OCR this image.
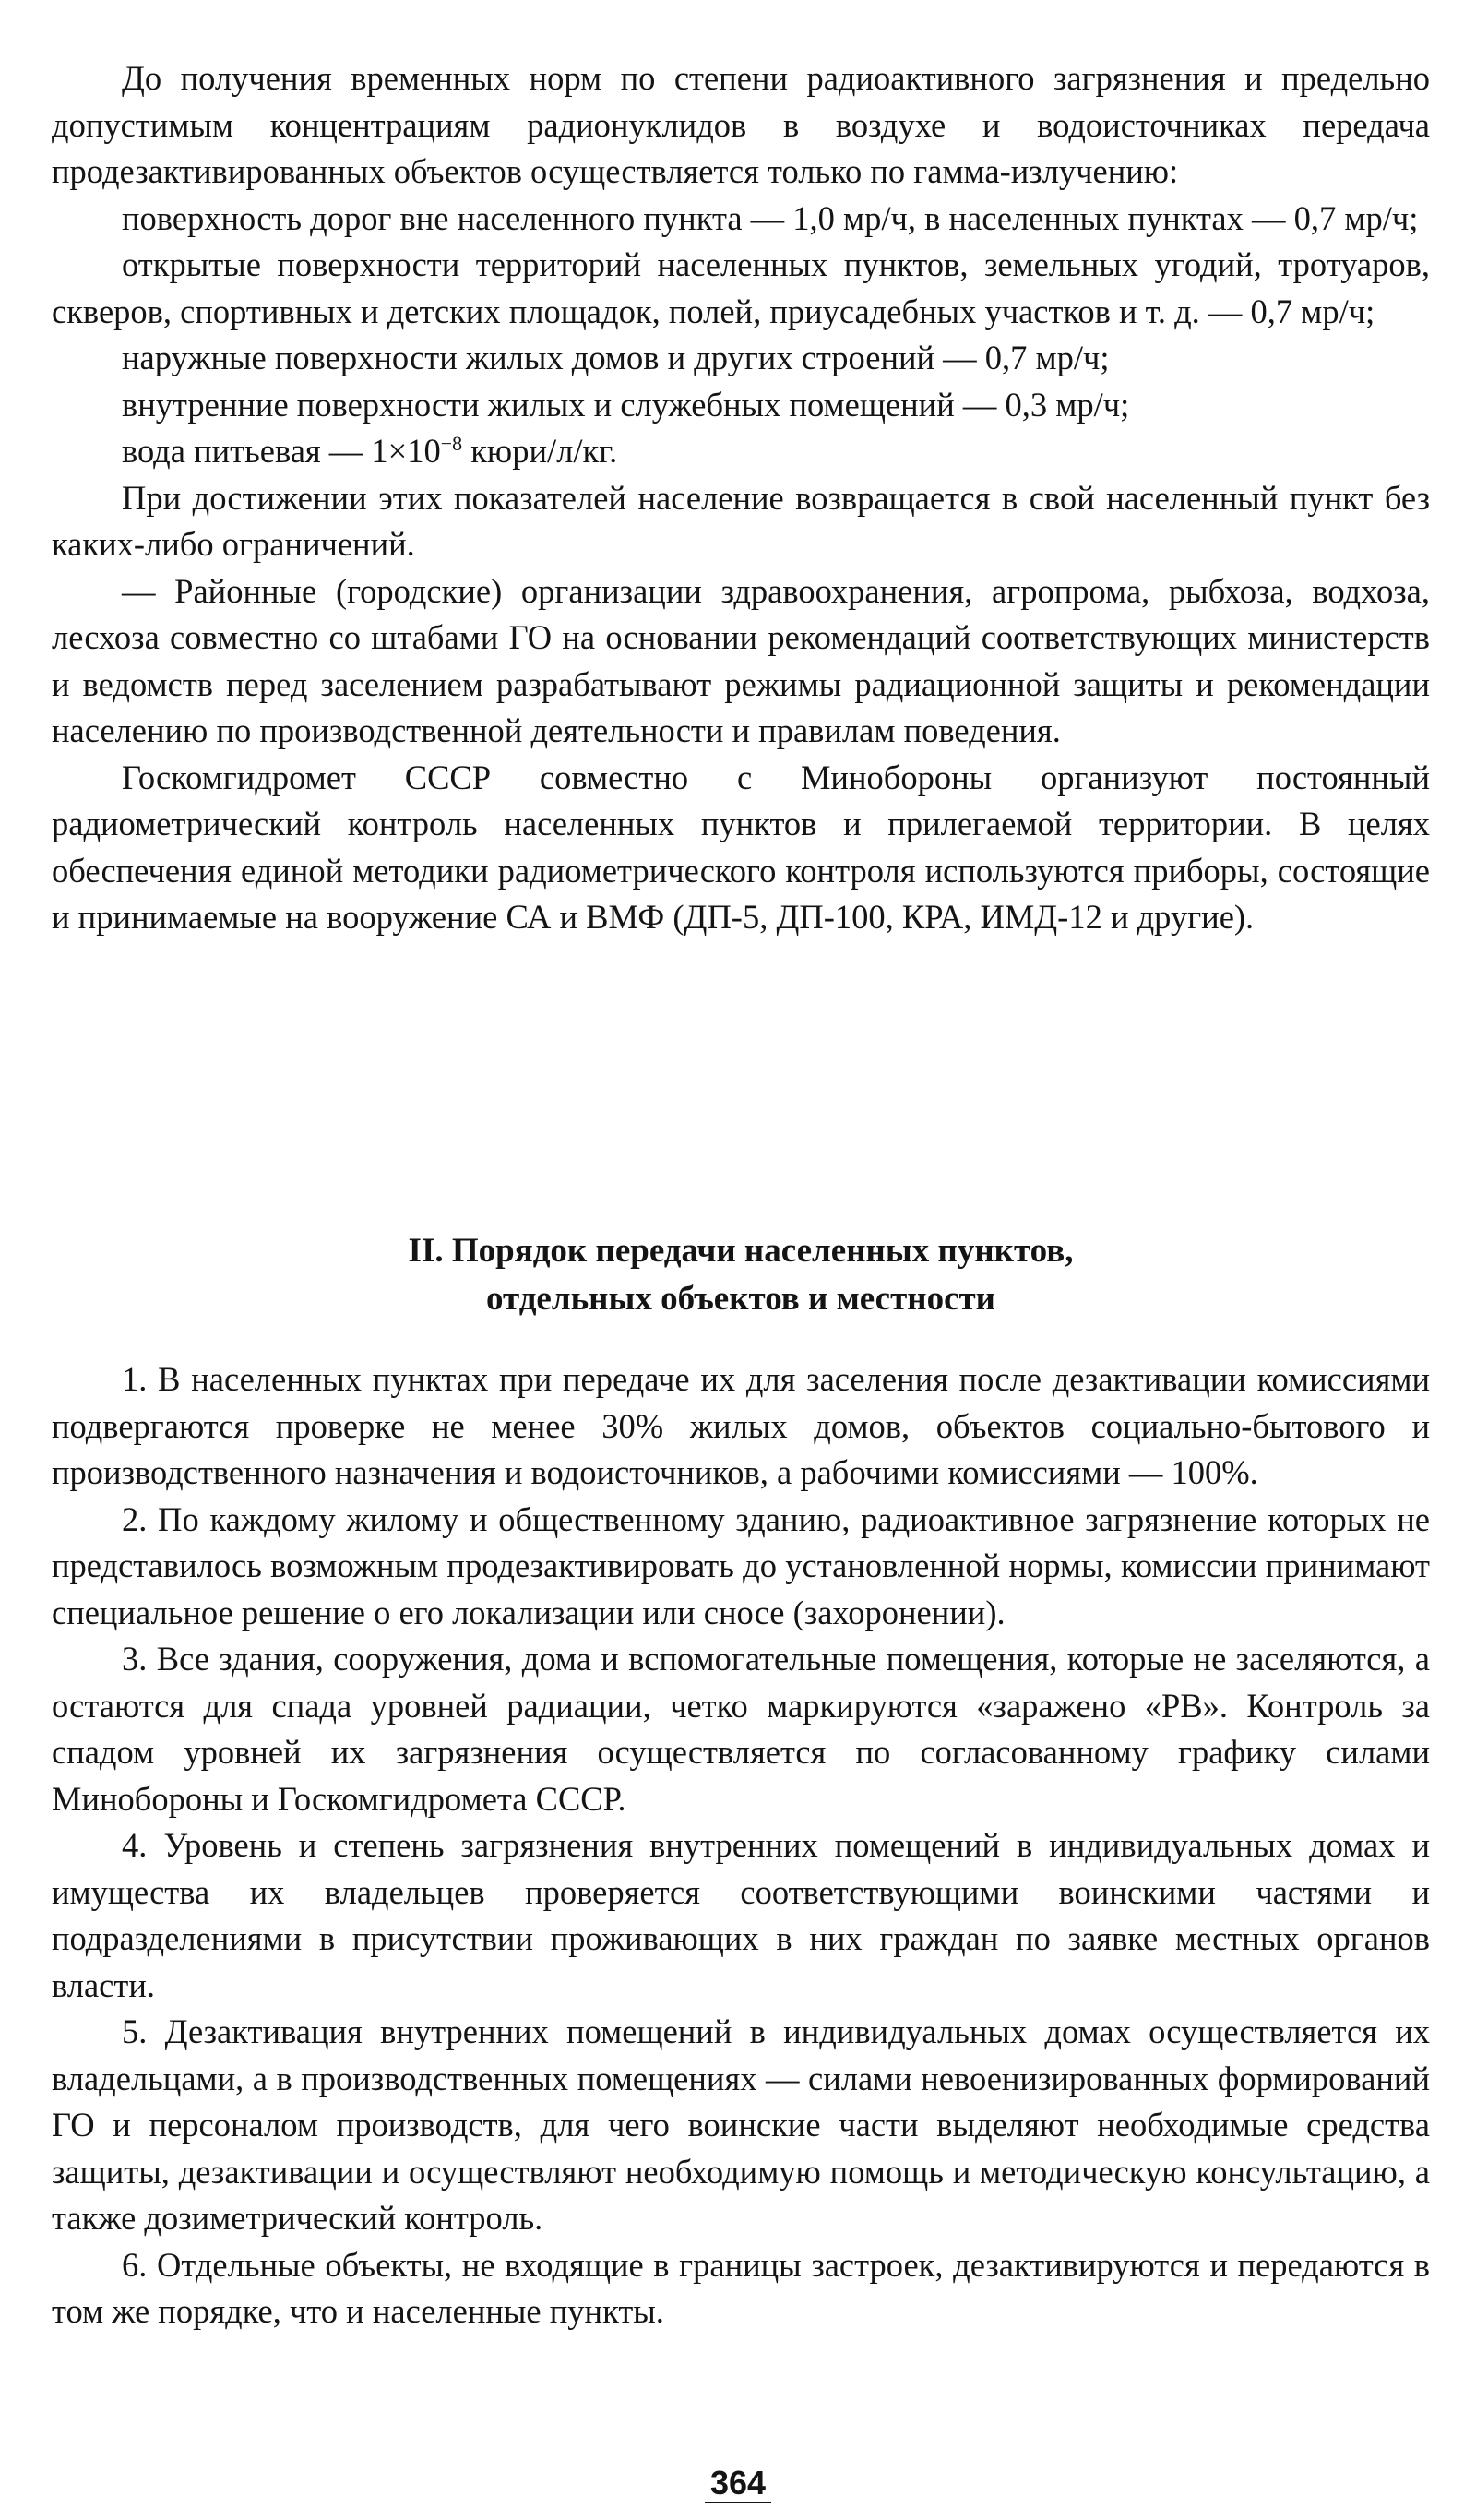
До получения временных норм по степени радиоактивного загрязнения и предельно допустимым концентрациям радионуклидов в воздухе и водоисточниках передача продезактивированных объектов осуществляется только по гамма-излучению:

поверхность дорог вне населенного пункта — 1,0 мр/ч, в населенных пунктах — 0,7 мр/ч;

открытые поверхности территорий населенных пунктов, земельных угодий, тротуаров, скверов, спортивных и детских площадок, полей, приусадебных участков и т. д. — 0,7 мр/ч;

наружные поверхности жилых домов и других строений — 0,7 мр/ч;

внутренние поверхности жилых и служебных помещений — 0,3 мр/ч;

вода питьевая — $1\times 10^{-8}$ кюри/л/кг.

При достижении этих показателей население возвращается в свой населенный пункт без каких-либо ограничений.

— Районные (городские) организации здравоохранения, агропрома, рыбхоза, водхоза, лесхоза совместно со штабами ГО на основании рекомендаций соответствующих министерств и ведомств перед заселением разрабатывают режимы радиационной защиты и рекомендации населению по производственной деятельности и правилам поведения.

Госкомгидромет СССР совместно с Минобороны организуют постоянный радиометрический контроль населенных пунктов и прилегаемой территории. В целях обеспечения единой методики радиометрического контроля используются приборы, состоящие и принимаемые на вооружение СА и ВМФ (ДП-5, ДП-100, КРА, ИМД-12 и другие).

II. Порядок передачи населенных пунктов,
отдельных объектов и местности

1. В населенных пунктах при передаче их для заселения после дезактивации комиссиями подвергаются проверке не менее 30% жилых домов, объектов социально-бытового и производственного назначения и водоисточников, а рабочими комиссиями — 100%.

2. По каждому жилому и общественному зданию, радиоактивное загрязнение которых не представилось возможным продезактивировать до установленной нормы, комиссии принимают специальное решение о его локализации или сносе (захоронении).

3. Все здания, сооружения, дома и вспомогательные помещения, которые не заселяются, а остаются для спада уровней радиации, четко маркируются «заражено «РВ». Контроль за спадом уровней их загрязнения осуществляется по согласованному графику силами Минобороны и Госкомгидромета СССР.

4. Уровень и степень загрязнения внутренних помещений в индивидуальных домах и имущества их владельцев проверяется соответствующими воинскими частями и подразделениями в присутствии проживающих в них граждан по заявке местных органов власти.

5. Дезактивация внутренних помещений в индивидуальных домах осуществляется их владельцами, а в производственных помещениях — силами невоенизированных формирований ГО и персоналом производств, для чего воинские части выделяют необходимые средства защиты, дезактивации и осуществляют необходимую помощь и методическую консультацию, а также дозиметрический контроль.

6. Отдельные объекты, не входящие в границы застроек, дезактивируются и передаются в том же порядке, что и населенные пункты.

364
